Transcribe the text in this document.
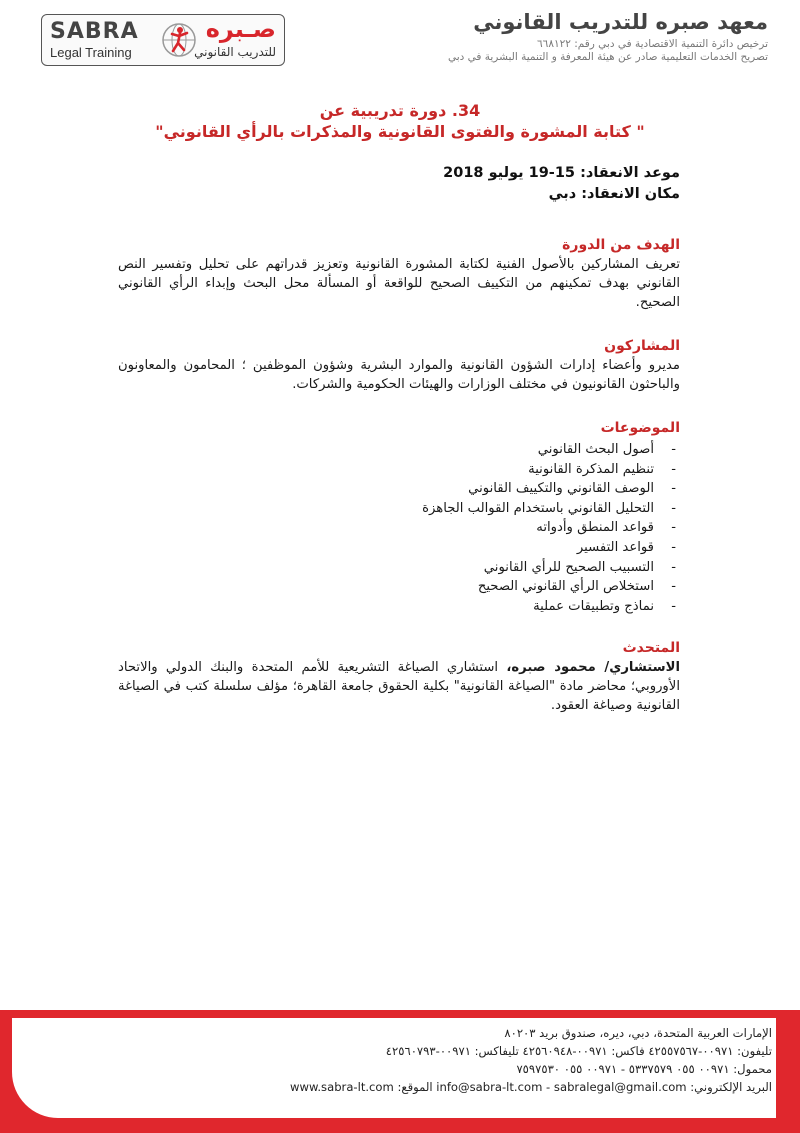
SABRA
Legal Training
صـبره
للتدريب القانوني
معهد صبره للتدريب القانوني
ترخيص دائرة التنمية الاقتصادية في دبي رقم: ٦٦٨١٢٢
تصريح الخدمات التعليمية صادر عن هيئة المعرفة و التنمية البشرية في دبي
34. دورة تدريبية عن
" كتابة المشورة والفتوى القانونية والمذكرات بالرأي القانوني"
موعد الانعقاد: 15-19 يوليو 2018
مكان الانعقاد: دبي
الهدف من الدورة
تعريف المشاركين بالأصول الفنية لكتابة المشورة القانونية وتعزيز قدراتهم على تحليل وتفسير النص القانوني بهدف تمكينهم من التكييف الصحيح للواقعة أو المسألة محل البحث وإبداء الرأي القانوني الصحيح.
المشاركون
مديرو وأعضاء إدارات الشؤون القانونية والموارد البشرية وشؤون الموظفين ؛ المحامون والمعاونون والباحثون القانونيون في مختلف الوزارات والهيئات الحكومية والشركات.
الموضوعات
-
أصول البحث القانوني
-
تنظيم المذكرة القانونية
-
الوصف القانوني والتكييف القانوني
-
التحليل القانوني باستخدام القوالب الجاهزة
-
قواعد المنطق وأدواته
-
قواعد التفسير
-
التسبيب الصحيح للرأي القانوني
-
استخلاص الرأي القانوني الصحيح
-
نماذج وتطبيقات عملية
المتحدث
الاستشاري/ محمود صبره، استشاري الصياغة التشريعية للأمم المتحدة والبنك الدولي والاتحاد الأوروبي؛ محاضر مادة "الصياغة القانونية" بكلية الحقوق جامعة القاهرة؛ مؤلف سلسلة كتب في الصياغة القانونية وصياغة العقود.
الإمارات العربية المتحدة، دبي، ديره، صندوق بريد ٨٠٢٠٣
تليفون: ٠٠٩٧١-٤٢٥٥٧٥٦٧ فاكس: ٠٠٩٧١-٤٢٥٦٠٩٤٨ تليفاكس: ٠٠٩٧١-٤٢٥٦٠٧٩٣
محمول: ٠٠٩٧١ ٠٥٥ ٥٣٣٧٥٧٩ - ٠٠٩٧١ ٠٥٥ ٧٥٩٧٥٣٠
البريد الإلكتروني: info@sabra-lt.com - sabralegal@gmail.com الموقع: www.sabra-lt.com
